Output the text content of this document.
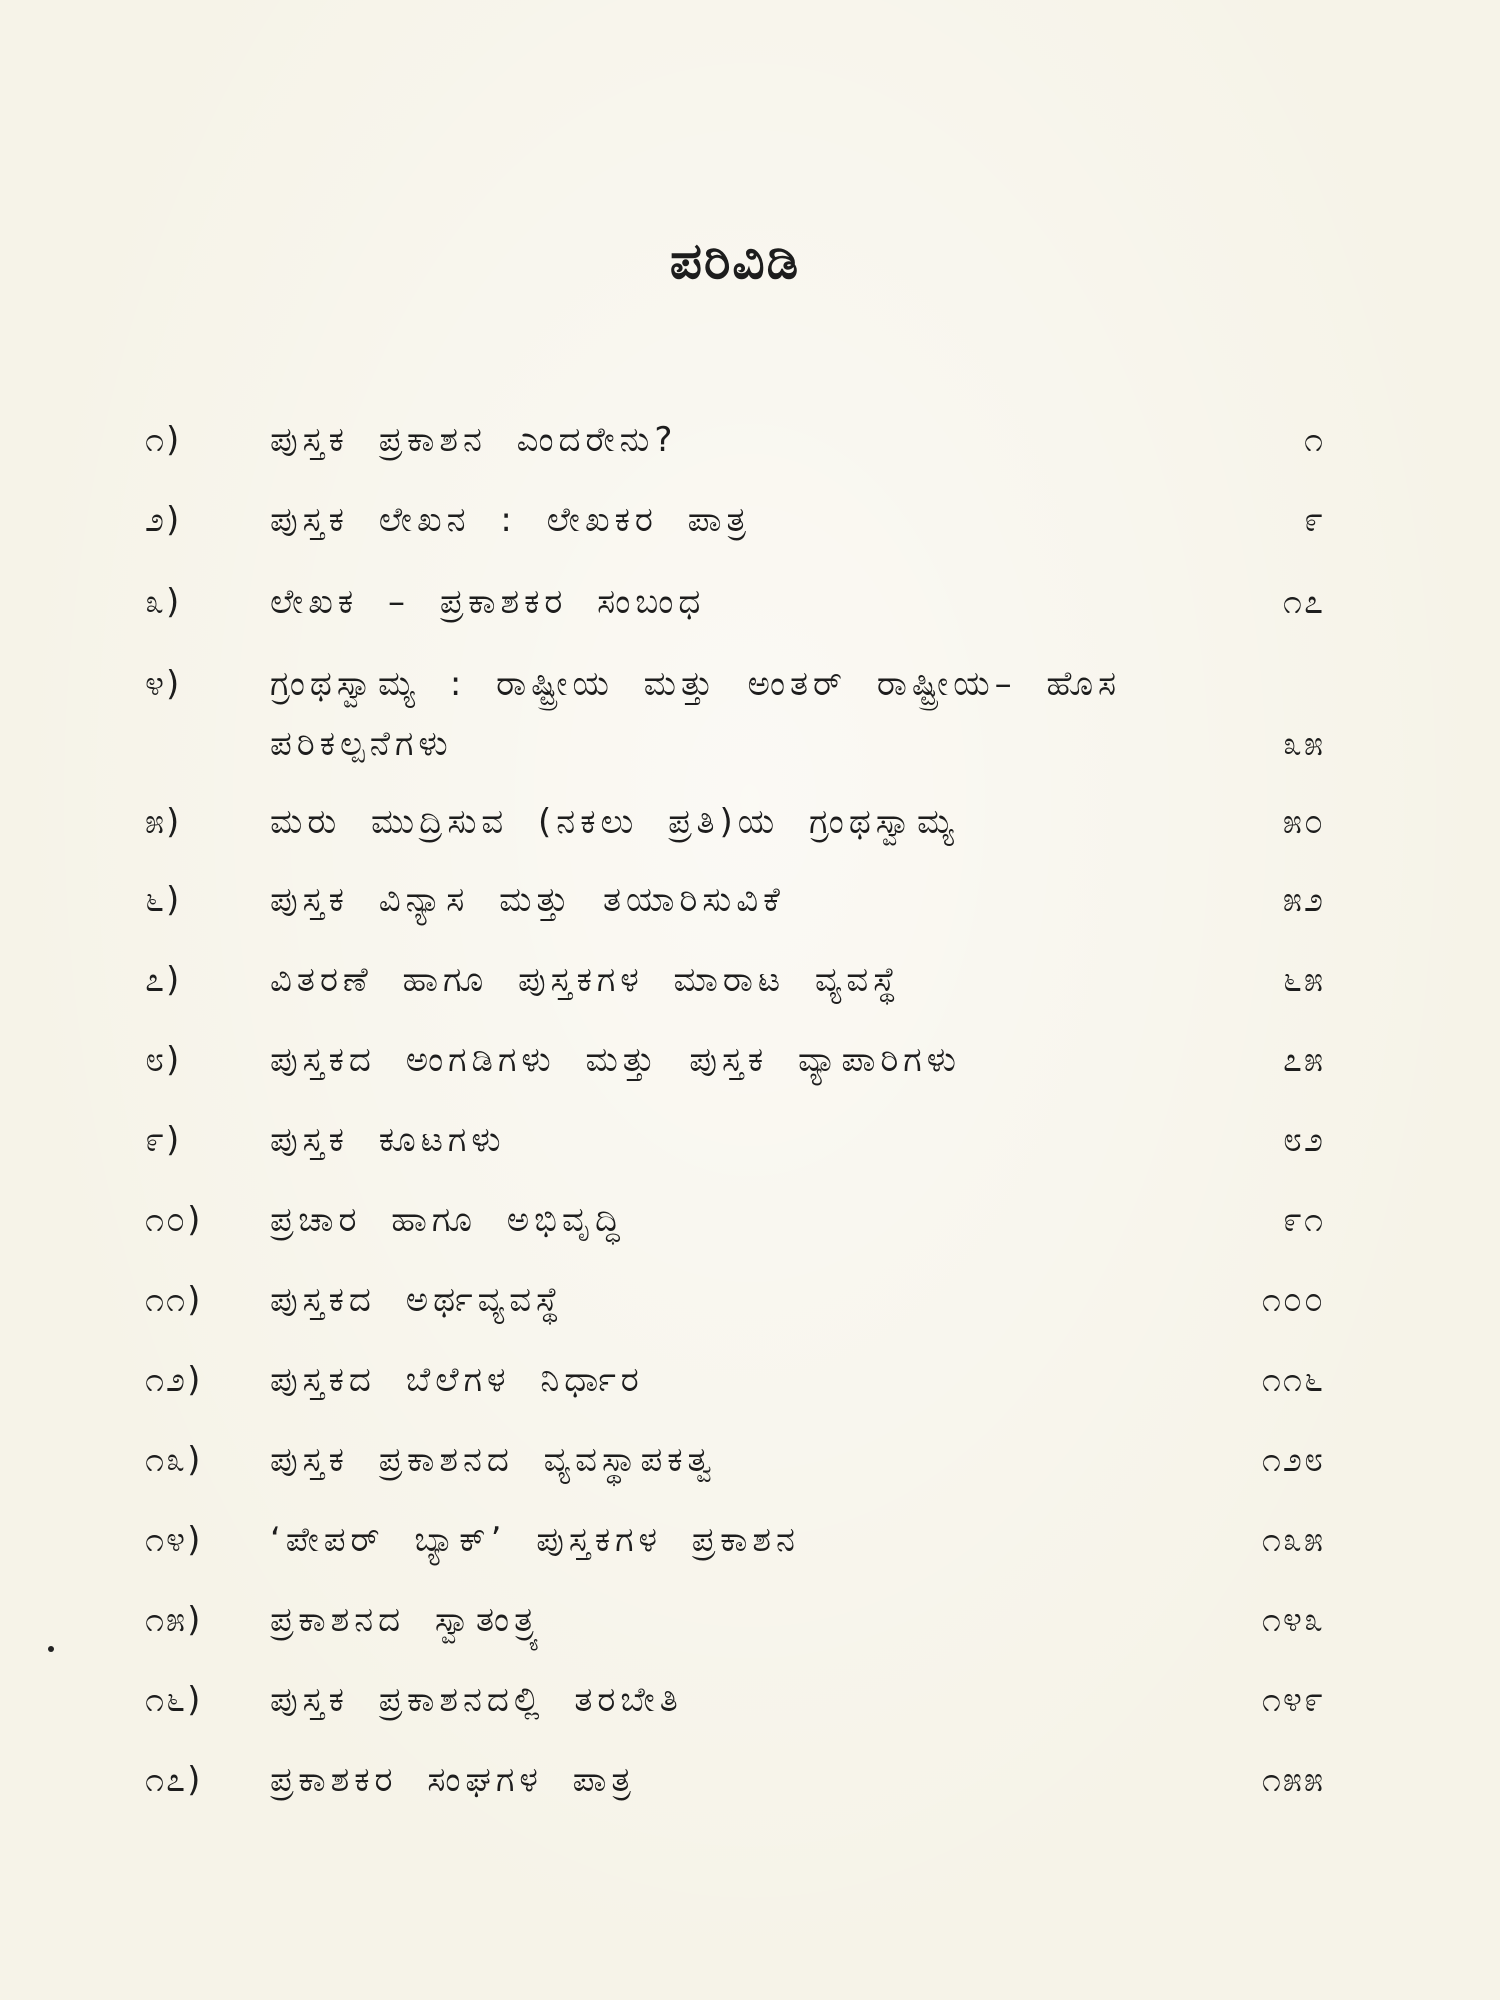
ಪರಿವಿಡಿ
೧)	ಪುಸ್ತಕ ಪ್ರಕಾಶನ ಎಂದರೇನು?	೧
೨)	ಪುಸ್ತಕ ಲೇಖನ : ಲೇಖಕರ ಪಾತ್ರ	೯
೩)	ಲೇಖಕ – ಪ್ರಕಾಶಕರ ಸಂಬಂಧ	೧೭
೪)	ಗ್ರಂಥಸ್ವಾಮ್ಯ : ರಾಷ್ಟ್ರೀಯ ಮತ್ತು ಅಂತರ್ ರಾಷ್ಟ್ರೀಯ– ಹೊಸ ಪರಿಕಲ್ಪನೆಗಳು	೩೫
೫)	ಮರು ಮುದ್ರಿಸುವ (ನಕಲು ಪ್ರತಿ)ಯ ಗ್ರಂಥಸ್ವಾಮ್ಯ	೫೦
೬)	ಪುಸ್ತಕ ವಿನ್ಯಾಸ ಮತ್ತು ತಯಾರಿಸುವಿಕೆ	೫೨
೭)	ವಿತರಣೆ ಹಾಗೂ ಪುಸ್ತಕಗಳ ಮಾರಾಟ ವ್ಯವಸ್ಥೆ	೬೫
೮)	ಪುಸ್ತಕದ ಅಂಗಡಿಗಳು ಮತ್ತು ಪುಸ್ತಕ ವ್ಯಾಪಾರಿಗಳು	೭೫
೯)	ಪುಸ್ತಕ ಕೂಟಗಳು	೮೨
೧೦)	ಪ್ರಚಾರ ಹಾಗೂ ಅಭಿವೃದ್ಧಿ	೯೧
೧೧)	ಪುಸ್ತಕದ ಅರ್ಥವ್ಯವಸ್ಥೆ	೧೦೦
೧೨)	ಪುಸ್ತಕದ ಬೆಲೆಗಳ ನಿರ್ಧಾರ	೧೧೬
೧೩)	ಪುಸ್ತಕ ಪ್ರಕಾಶನದ ವ್ಯವಸ್ಥಾಪಕತ್ವ	೧೨೮
೧೪)	‘ಪೇಪರ್ ಬ್ಯಾಕ್’ ಪುಸ್ತಕಗಳ ಪ್ರಕಾಶನ	೧೩೫
೧೫)	ಪ್ರಕಾಶನದ ಸ್ವಾತಂತ್ರ್ಯ	೧೪೩
೧೬)	ಪುಸ್ತಕ ಪ್ರಕಾಶನದಲ್ಲಿ ತರಬೇತಿ	೧೪೯
೧೭)	ಪ್ರಕಾಶಕರ ಸಂಘಗಳ ಪಾತ್ರ	೧೫೫
